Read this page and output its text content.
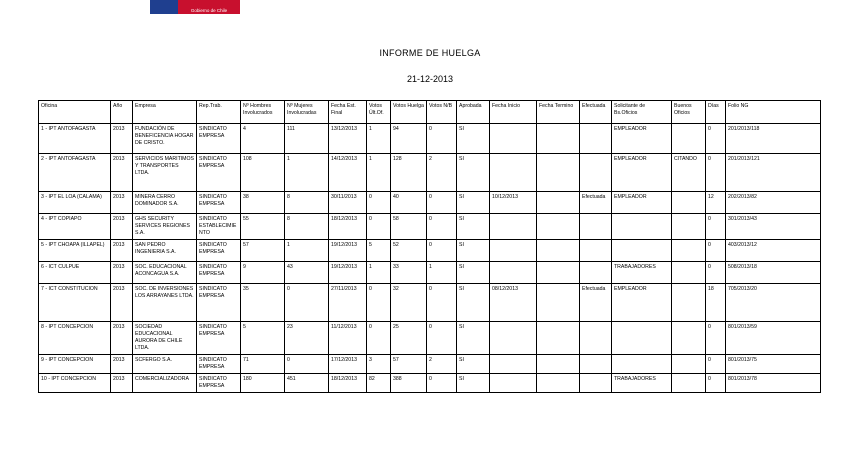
Gobierno de Chile
INFORME DE HUELGA
21-12-2013
Oficina	Año	Empresa	Rep.Trab.	Nº Hombres Involucrados	Nº Mujeres Involucradas	Fecha Est. Final	Votos Últ.Of.	Votos Huelga	Votos N/B	Aprobada	Fecha Inicio	Fecha Termino	Efectuada	Solicitante de Bs.Oficios	Buenos Oficios	Días	Folio NG
1 - IPT ANTOFAGASTA	2013	FUNDACIÓN DE BENEFICENCIA HOGAR DE CRISTO.	SINDICATO EMPRESA	4	111	13/12/2013	1	94	0	SI				EMPLEADOR		0	201/2013/118
2 - IPT ANTOFAGASTA	2013	SERVICIOS MARITIMOS Y TRANSPORTES LTDA.	SINDICATO EMPRESA	108	1	14/12/2013	1	128	2	SI				EMPLEADOR	CITANDO	0	201/2013/121
3 - IPT EL LOA (CALAMA)	2013	MINERA CERRO DOMINADOR S.A.	SINDICATO EMPRESA	38	8	30/11/2013	0	40	0	SI	10/12/2013		Efectuada	EMPLEADOR		12	202/2013/82
4 - IPT COPIAPO	2013	GHS SECURITY SERVICES REGIONES S.A.	SINDICATO ESTABLECIMIENTO	55	8	18/12/2013	0	58	0	SI						0	301/2013/43
5 - IPT CHOAPA (ILLAPEL)	2013	SAN PEDRO INGENIERIA S.A.	SINDICATO EMPRESA	57	1	19/12/2013	5	52	0	SI						0	403/2013/12
6 - ICT CULPUE	2013	SOC. EDUCACIONAL ACONCAGUA S.A.	SINDICATO EMPRESA	9	43	19/12/2013	1	33	1	SI				TRABAJADORES		0	508/2013/18
7 - ICT CONSTITUCION	2013	SOC. DE INVERSIONES LOS ARRAYANES LTDA.	SINDICATO EMPRESA	35	0	27/11/2013	0	32	0	SI	08/12/2013		Efectuada	EMPLEADOR		18	705/2013/20
8 - IPT CONCEPCION	2013	SOCIEDAD EDUCACIONAL AURORA DE CHILE LTDA.	SINDICATO EMPRESA	5	23	11/12/2013	0	25	0	SI						0	801/2013/59
9 - IPT CONCEPCION	2013	SCFERGO S.A.	SINDICATO EMPRESA	71	0	17/12/2013	3	57	2	SI						0	801/2013/75
10 - IPT CONCEPCION	2013	COMERCIALIZADORA	SINDICATO EMPRESA	180	451	18/12/2013	82	388	0	SI				TRABAJADORES		0	801/2013/78
